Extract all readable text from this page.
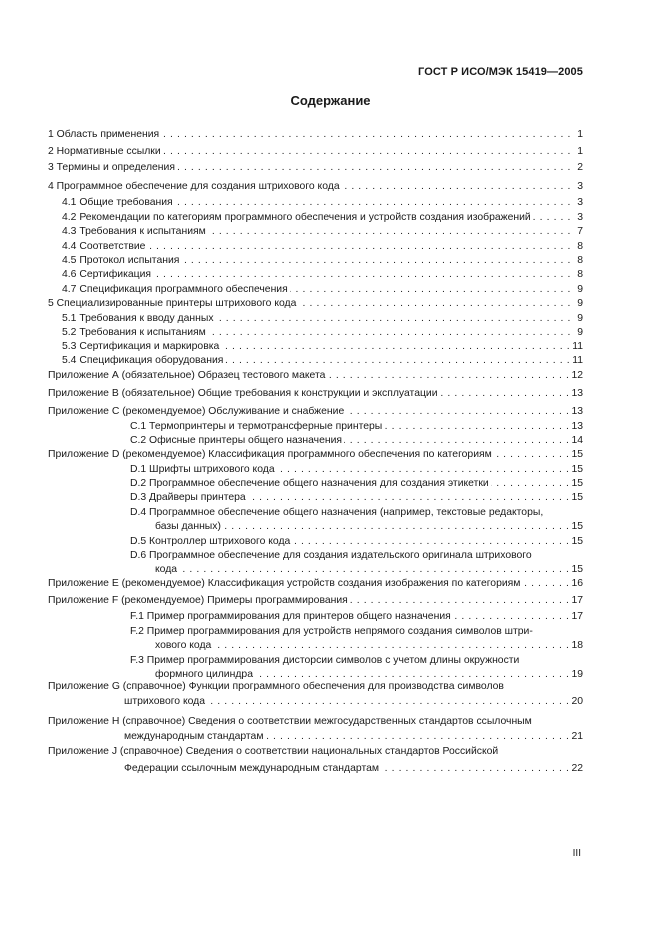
ГОСТ Р ИСО/МЭК 15419—2005
Содержание
1 Область применения . . .	1
2 Нормативные ссылки . . .	1
3 Термины и определения . . .	2
4 Программное обеспечение для создания штрихового кода . . .	3
4.1 Общие требования . . .	3
4.2 Рекомендации по категориям программного обеспечения и устройств создания изображений . . .	3
4.3 Требования к испытаниям . . .	7
4.4 Соответствие . . .	8
4.5 Протокол испытания . . .	8
4.6 Сертификация . . .	8
4.7 Спецификация программного обеспечения . . .	9
5 Специализированные принтеры штрихового кода . . .	9
5.1 Требования к вводу данных . . .	9
5.2 Требования к испытаниям . . .	9
5.3 Сертификация и маркировка . . .	11
5.4 Спецификация оборудования . . .	11
Приложение А (обязательное) Образец тестового макета . . .	12
Приложение В (обязательное) Общие требования к конструкции и эксплуатации . . .	13
Приложение С (рекомендуемое) Обслуживание и снабжение . . .	13
С.1 Термопринтеры и термотрансферные принтеры . . .	13
С.2 Офисные принтеры общего назначения . . .	14
Приложение D (рекомендуемое) Классификация программного обеспечения по категориям . . .	15
D.1 Шрифты штрихового кода . . .	15
D.2 Программное обеспечение общего назначения для создания этикетки . . .	15
D.3 Драйверы принтера . . .	15
D.4 Программное обеспечение общего назначения (например, текстовые редакторы,
базы данных) . . .	15
D.5 Контроллер штрихового кода . . .	15
D.6 Программное обеспечение для создания издательского оригинала штрихового
кода . . .	15
Приложение Е (рекомендуемое) Классификация устройств создания изображения по категориям . . .	16
Приложение F (рекомендуемое) Примеры программирования . . .	17
F.1 Пример программирования для принтеров общего назначения . . .	17
F.2 Пример программирования для устройств непрямого создания символов штри-
хового кода . . .	18
F.3 Пример программирования дисторсии символов с учетом длины окружности
формного цилиндра . . .	19
Приложение G (справочное) Функции программного обеспечения для производства символов
штрихового кода . . .	20
Приложение Н (справочное) Сведения о соответствии межгосударственных стандартов ссылочным
международным стандартам . . .	21
Приложение J (справочное) Сведения о соответствии национальных стандартов Российской
Федерации ссылочным международным стандартам . . .	22
III
